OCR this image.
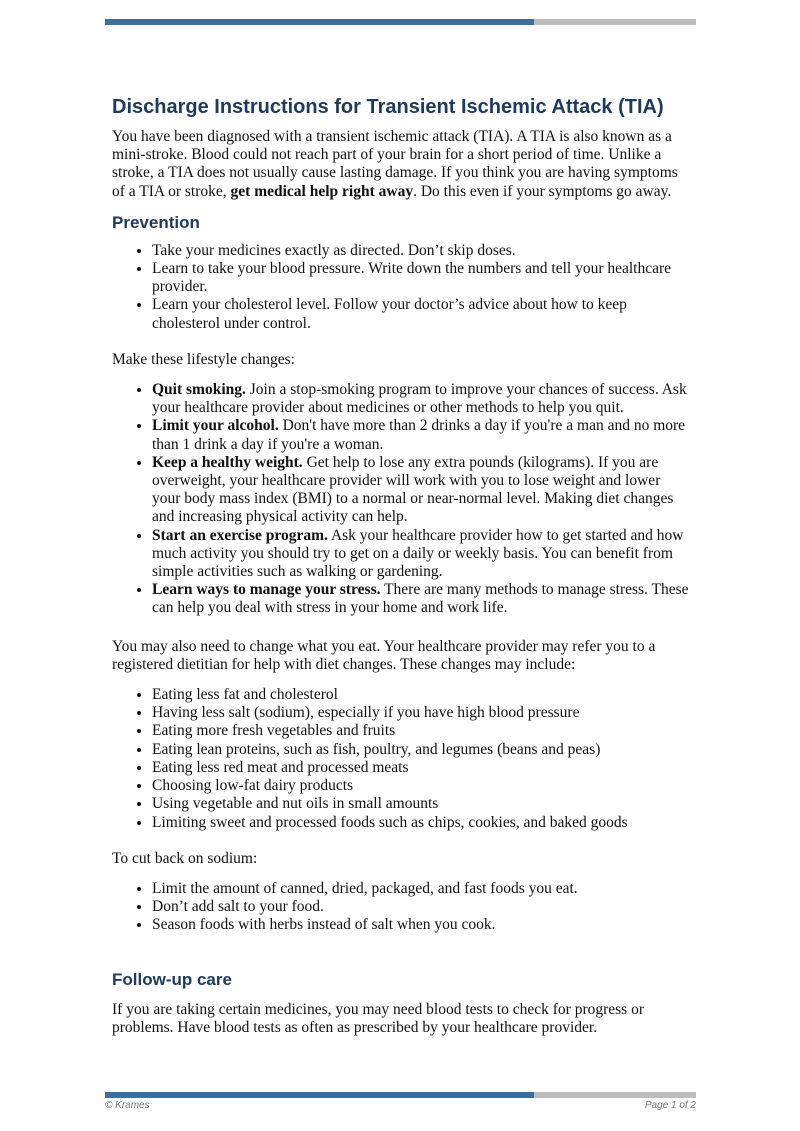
Discharge Instructions for Transient Ischemic Attack (TIA)

You have been diagnosed with a transient ischemic attack (TIA). A TIA is also known as a mini-stroke. Blood could not reach part of your brain for a short period of time. Unlike a stroke, a TIA does not usually cause lasting damage. If you think you are having symptoms of a TIA or stroke, get medical help right away. Do this even if your symptoms go away.

Prevention
• Take your medicines exactly as directed. Don’t skip doses.
• Learn to take your blood pressure. Write down the numbers and tell your healthcare provider.
• Learn your cholesterol level. Follow your doctor’s advice about how to keep cholesterol under control.

Make these lifestyle changes:

• Quit smoking. Join a stop-smoking program to improve your chances of success. Ask your healthcare provider about medicines or other methods to help you quit.
• Limit your alcohol. Don't have more than 2 drinks a day if you're a man and no more than 1 drink a day if you're a woman.
• Keep a healthy weight. Get help to lose any extra pounds (kilograms). If you are overweight, your healthcare provider will work with you to lose weight and lower your body mass index (BMI) to a normal or near-normal level. Making diet changes and increasing physical activity can help.
• Start an exercise program. Ask your healthcare provider how to get started and how much activity you should try to get on a daily or weekly basis. You can benefit from simple activities such as walking or gardening.
• Learn ways to manage your stress. There are many methods to manage stress. These can help you deal with stress in your home and work life.

You may also need to change what you eat. Your healthcare provider may refer you to a registered dietitian for help with diet changes. These changes may include:

• Eating less fat and cholesterol
• Having less salt (sodium), especially if you have high blood pressure
• Eating more fresh vegetables and fruits
• Eating lean proteins, such as fish, poultry, and legumes (beans and peas)
• Eating less red meat and processed meats
• Choosing low-fat dairy products
• Using vegetable and nut oils in small amounts
• Limiting sweet and processed foods such as chips, cookies, and baked goods

To cut back on sodium:

• Limit the amount of canned, dried, packaged, and fast foods you eat.
• Don’t add salt to your food.
• Season foods with herbs instead of salt when you cook.
Follow-up care

If you are taking certain medicines, you may need blood tests to check for progress or problems. Have blood tests as often as prescribed by your healthcare provider.

© Krames	Page 1 of 2
